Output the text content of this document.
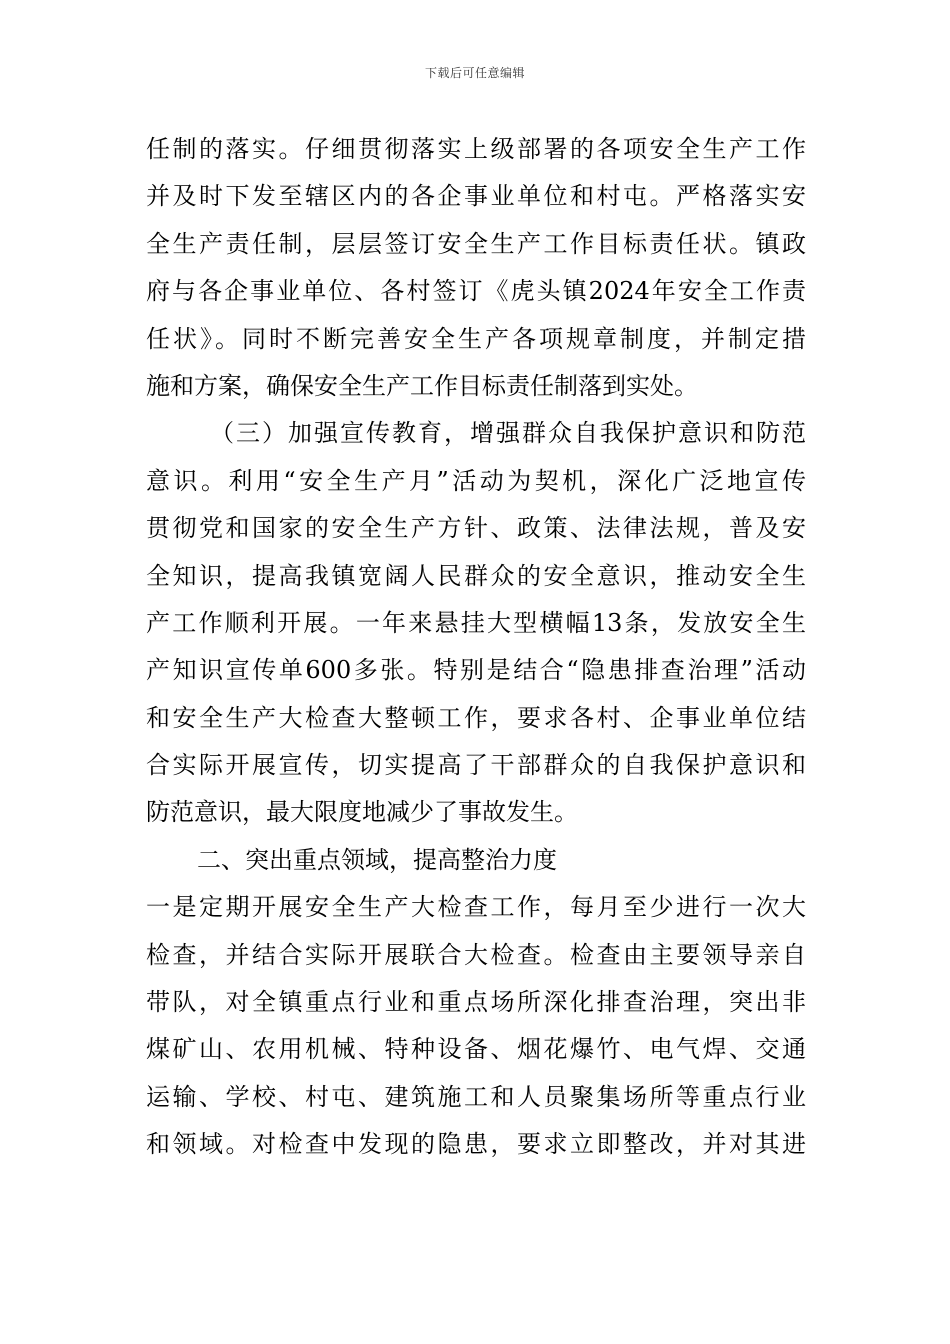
下载后可任意编辑
任制的落实。仔细贯彻落实上级部署的各项安全生产工作
并及时下发至辖区内的各企事业单位和村屯。严格落实安
全生产责任制，层层签订安全生产工作目标责任状。镇政
府与各企事业单位、各村签订《虎头镇2024年安全工作责
任状》。同时不断完善安全生产各项规章制度，并制定措
施和方案，确保安全生产工作目标责任制落到实处。
（三）加强宣传教育，增强群众自我保护意识和防范
意识。利用“安全生产月”活动为契机，深化广泛地宣传
贯彻党和国家的安全生产方针、政策、法律法规，普及安
全知识，提高我镇宽阔人民群众的安全意识，推动安全生
产工作顺利开展。一年来悬挂大型横幅13条，发放安全生
产知识宣传单600多张。特别是结合“隐患排查治理”活动
和安全生产大检查大整顿工作，要求各村、企事业单位结
合实际开展宣传，切实提高了干部群众的自我保护意识和
防范意识，最大限度地减少了事故发生。
二、突出重点领域，提高整治力度
一是定期开展安全生产大检查工作，每月至少进行一次大
检查，并结合实际开展联合大检查。检查由主要领导亲自
带队，对全镇重点行业和重点场所深化排查治理，突出非
煤矿山、农用机械、特种设备、烟花爆竹、电气焊、交通
运输、学校、村屯、建筑施工和人员聚集场所等重点行业
和领域。对检查中发现的隐患，要求立即整改，并对其进
